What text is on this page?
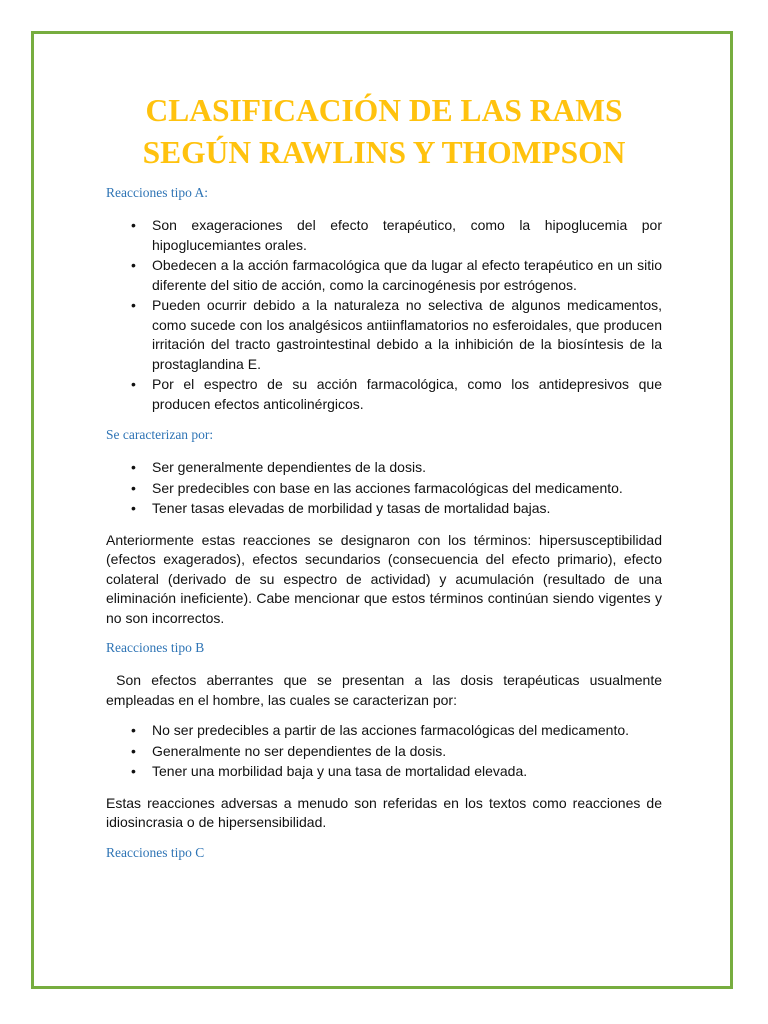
CLASIFICACIÓN DE LAS RAMS
SEGÚN RAWLINS Y THOMPSON
Reacciones tipo A:
• Son exageraciones del efecto terapéutico, como la hipoglucemia por hipoglucemiantes orales.
• Obedecen a la acción farmacológica que da lugar al efecto terapéutico en un sitio diferente del sitio de acción, como la carcinogénesis por estrógenos.
• Pueden ocurrir debido a la naturaleza no selectiva de algunos medicamentos, como sucede con los analgésicos antiinflamatorios no esferoidales, que producen irritación del tracto gastrointestinal debido a la inhibición de la biosíntesis de la prostaglandina E.
• Por el espectro de su acción farmacológica, como los antidepresivos que producen efectos anticolinérgicos.
Se caracterizan por:
• Ser generalmente dependientes de la dosis.
• Ser predecibles con base en las acciones farmacológicas del medicamento.
• Tener tasas elevadas de morbilidad y tasas de mortalidad bajas.

Anteriormente estas reacciones se designaron con los términos: hipersusceptibilidad (efectos exagerados), efectos secundarios (consecuencia del efecto primario), efecto colateral (derivado de su espectro de actividad) y acumulación (resultado de una eliminación ineficiente). Cabe mencionar que estos términos continúan siendo vigentes y no son incorrectos.

Reacciones tipo B

Son efectos aberrantes que se presentan a las dosis terapéuticas usualmente empleadas en el hombre, las cuales se caracterizan por:

• No ser predecibles a partir de las acciones farmacológicas del medicamento.
• Generalmente no ser dependientes de la dosis.
• Tener una morbilidad baja y una tasa de mortalidad elevada.

Estas reacciones adversas a menudo son referidas en los textos como reacciones de idiosincrasia o de hipersensibilidad.

Reacciones tipo C
